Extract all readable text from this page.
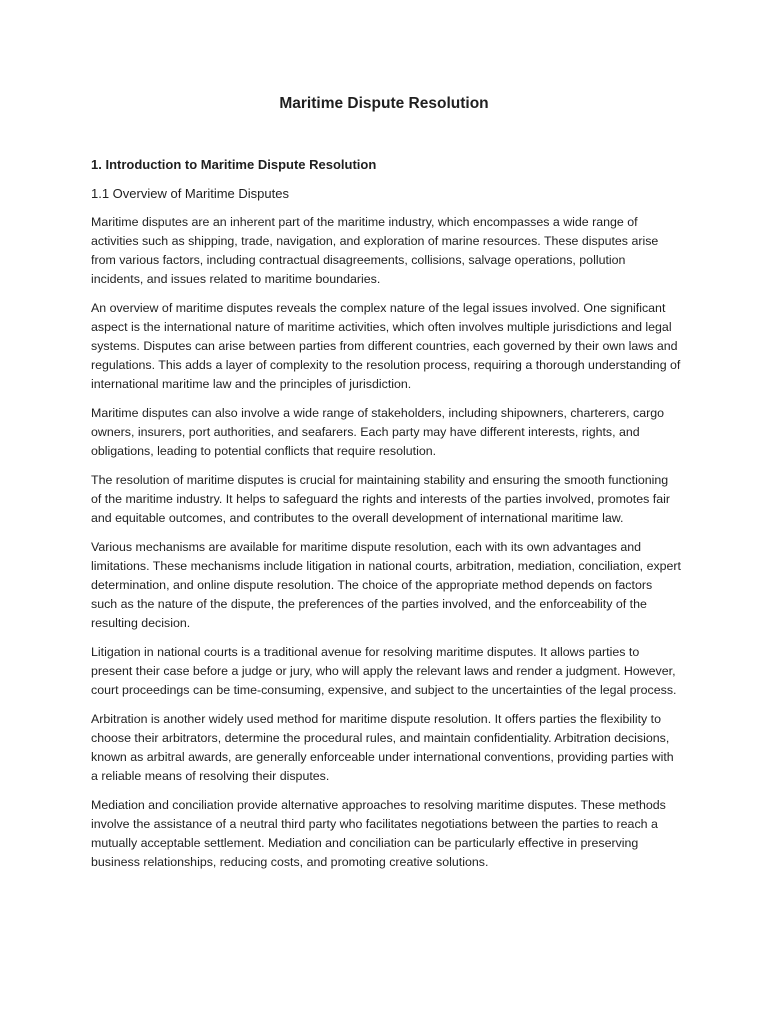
Maritime Dispute Resolution
1. Introduction to Maritime Dispute Resolution
1.1 Overview of Maritime Disputes

Maritime disputes are an inherent part of the maritime industry, which encompasses a wide range of activities such as shipping, trade, navigation, and exploration of marine resources. These disputes arise from various factors, including contractual disagreements, collisions, salvage operations, pollution incidents, and issues related to maritime boundaries.

An overview of maritime disputes reveals the complex nature of the legal issues involved. One significant aspect is the international nature of maritime activities, which often involves multiple jurisdictions and legal systems. Disputes can arise between parties from different countries, each governed by their own laws and regulations. This adds a layer of complexity to the resolution process, requiring a thorough understanding of international maritime law and the principles of jurisdiction.

Maritime disputes can also involve a wide range of stakeholders, including shipowners, charterers, cargo owners, insurers, port authorities, and seafarers. Each party may have different interests, rights, and obligations, leading to potential conflicts that require resolution.

The resolution of maritime disputes is crucial for maintaining stability and ensuring the smooth functioning of the maritime industry. It helps to safeguard the rights and interests of the parties involved, promotes fair and equitable outcomes, and contributes to the overall development of international maritime law.

Various mechanisms are available for maritime dispute resolution, each with its own advantages and limitations. These mechanisms include litigation in national courts, arbitration, mediation, conciliation, expert determination, and online dispute resolution. The choice of the appropriate method depends on factors such as the nature of the dispute, the preferences of the parties involved, and the enforceability of the resulting decision.

Litigation in national courts is a traditional avenue for resolving maritime disputes. It allows parties to present their case before a judge or jury, who will apply the relevant laws and render a judgment. However, court proceedings can be time-consuming, expensive, and subject to the uncertainties of the legal process.

Arbitration is another widely used method for maritime dispute resolution. It offers parties the flexibility to choose their arbitrators, determine the procedural rules, and maintain confidentiality. Arbitration decisions, known as arbitral awards, are generally enforceable under international conventions, providing parties with a reliable means of resolving their disputes.

Mediation and conciliation provide alternative approaches to resolving maritime disputes. These methods involve the assistance of a neutral third party who facilitates negotiations between the parties to reach a mutually acceptable settlement. Mediation and conciliation can be particularly effective in preserving business relationships, reducing costs, and promoting creative solutions.
